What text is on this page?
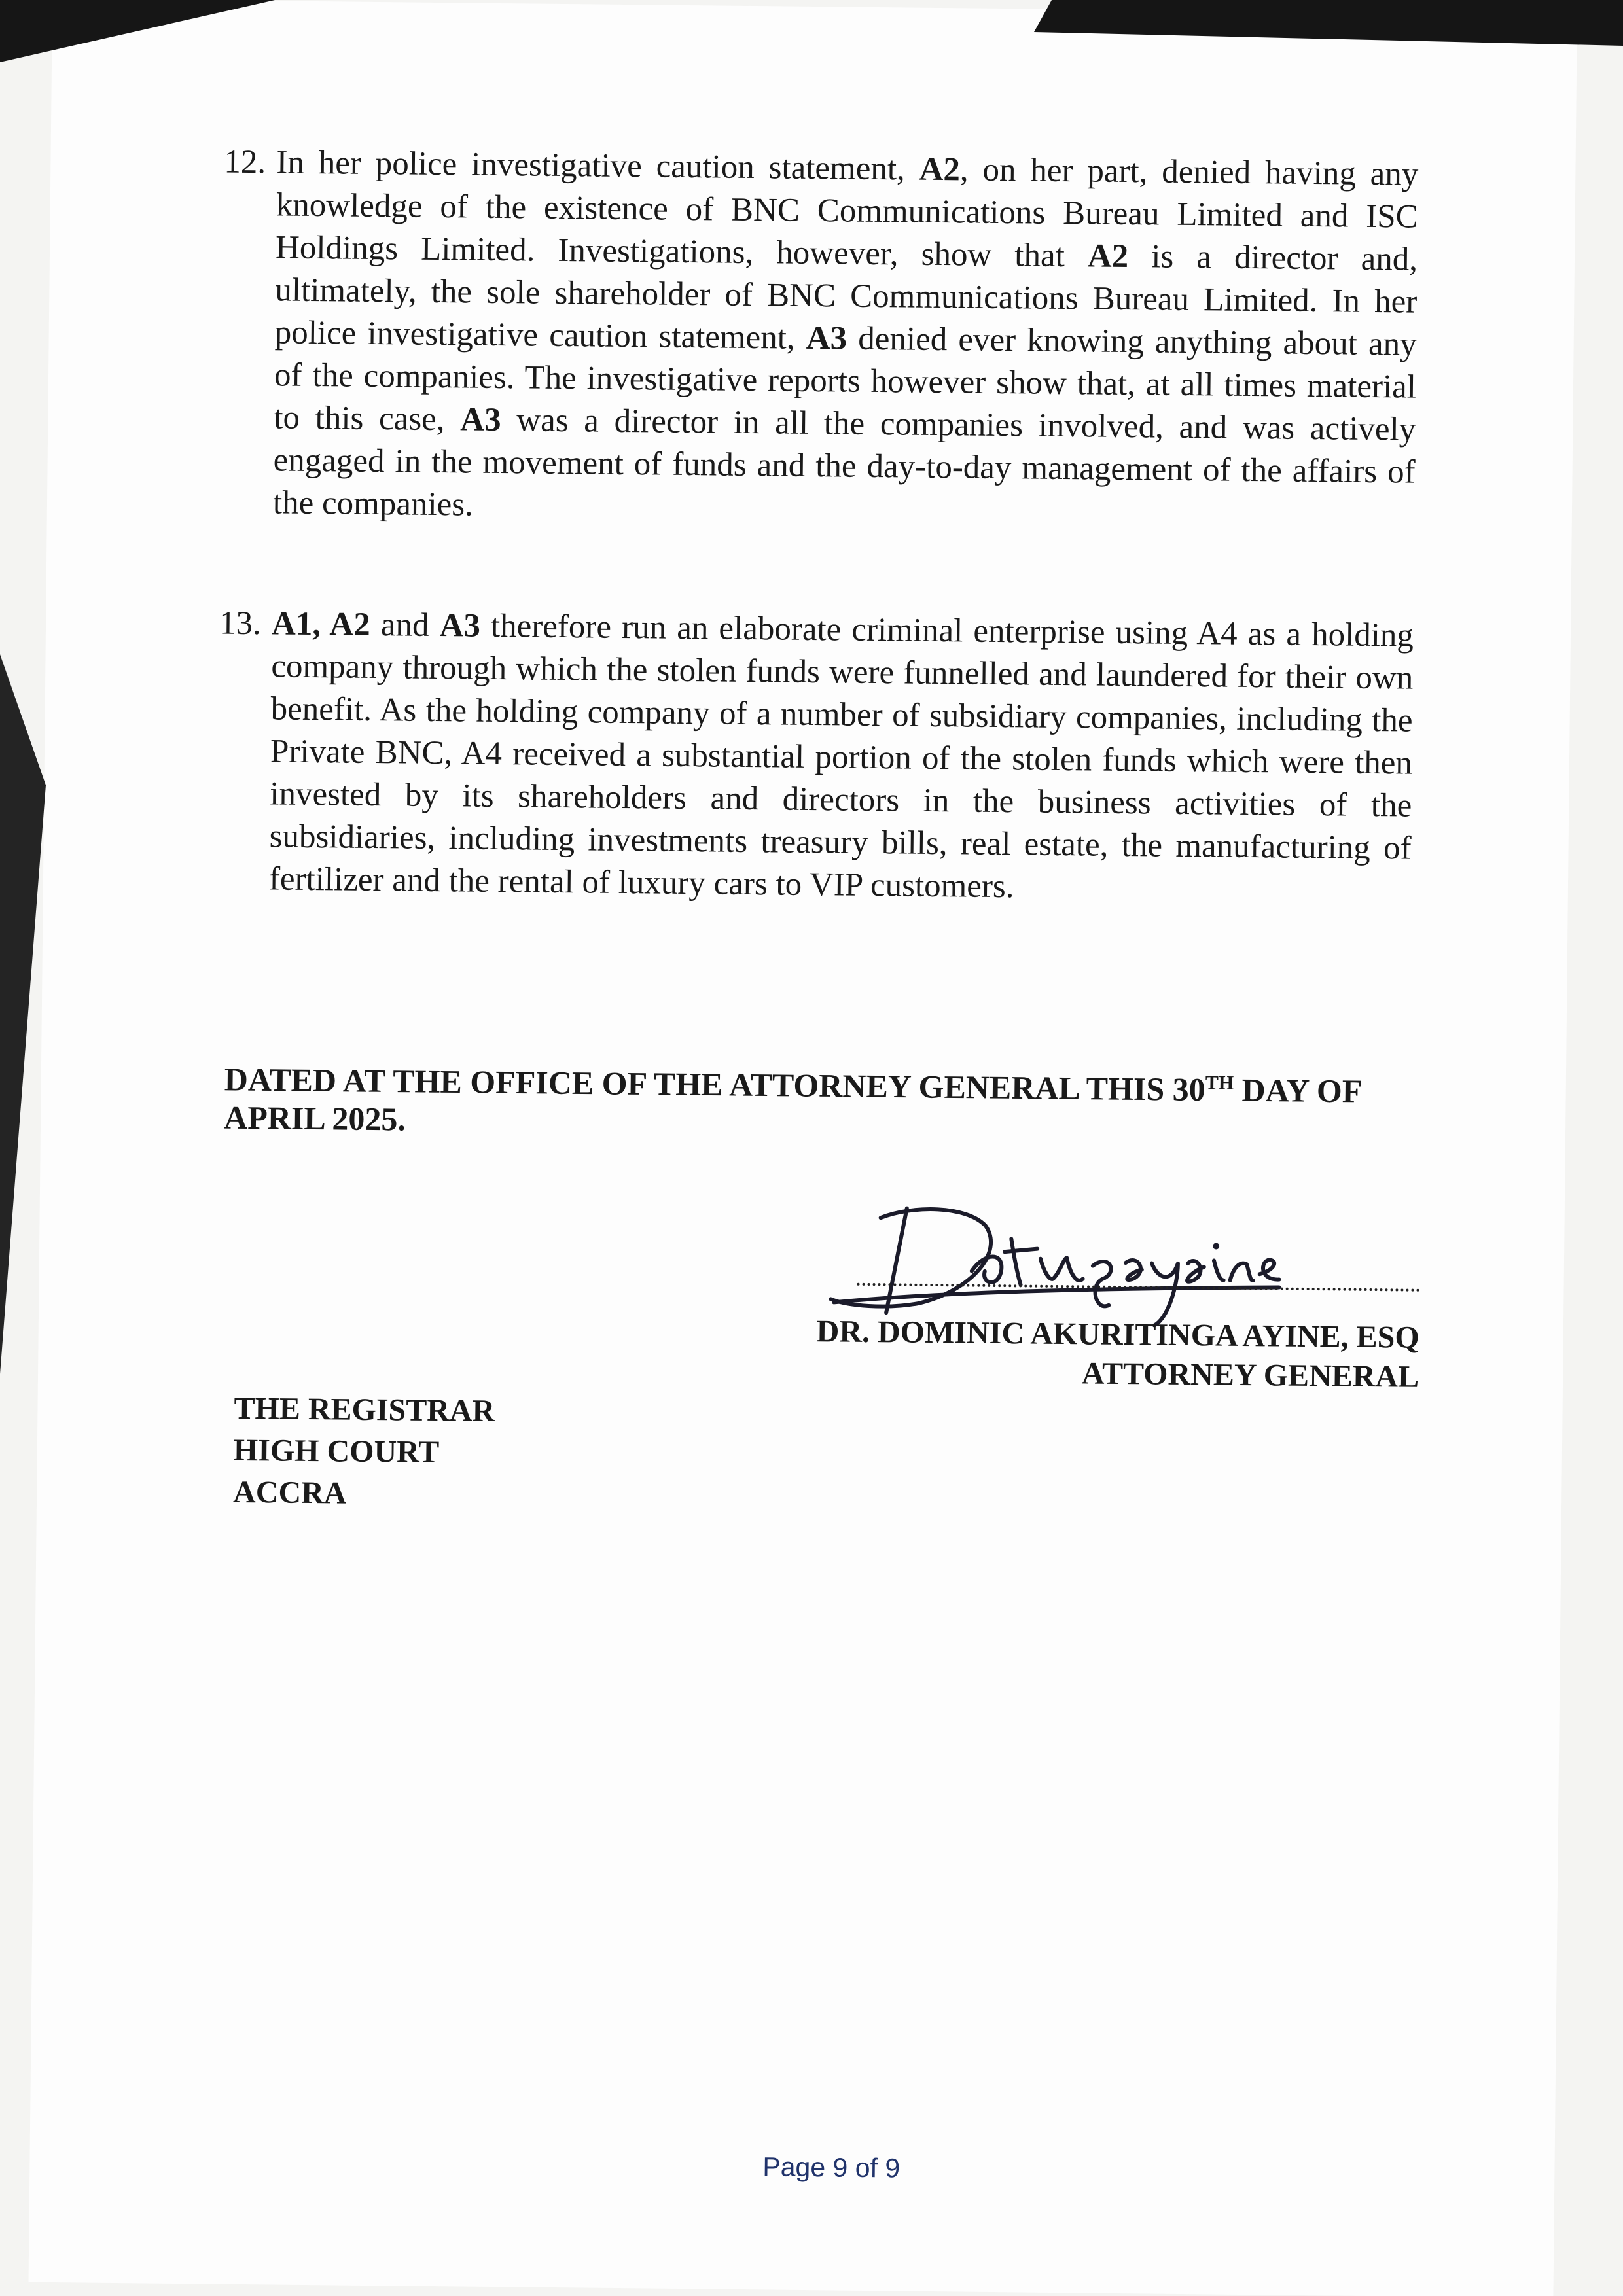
12. In her police investigative caution statement, A2, on her part, denied having any knowledge of the existence of BNC Communications Bureau Limited and ISC Holdings Limited. Investigations, however, show that A2 is a director and, ultimately, the sole shareholder of BNC Communications Bureau Limited. In her police investigative caution statement, A3 denied ever knowing anything about any of the companies. The investigative reports however show that, at all times material to this case, A3 was a director in all the companies involved, and was actively engaged in the movement of funds and the day-to-day management of the affairs of the companies.
13. A1, A2 and A3 therefore run an elaborate criminal enterprise using A4 as a holding company through which the stolen funds were funnelled and laundered for their own benefit. As the holding company of a number of subsidiary companies, including the Private BNC, A4 received a substantial portion of the stolen funds which were then invested by its shareholders and directors in the business activities of the subsidiaries, including investments treasury bills, real estate, the manufacturing of fertilizer and the rental of luxury cars to VIP customers.
DATED AT THE OFFICE OF THE ATTORNEY GENERAL THIS 30TH DAY OF APRIL 2025.
DR. DOMINIC AKURITINGA AYINE, ESQ
ATTORNEY GENERAL
THE REGISTRAR
HIGH COURT
ACCRA
Page 9 of 9
